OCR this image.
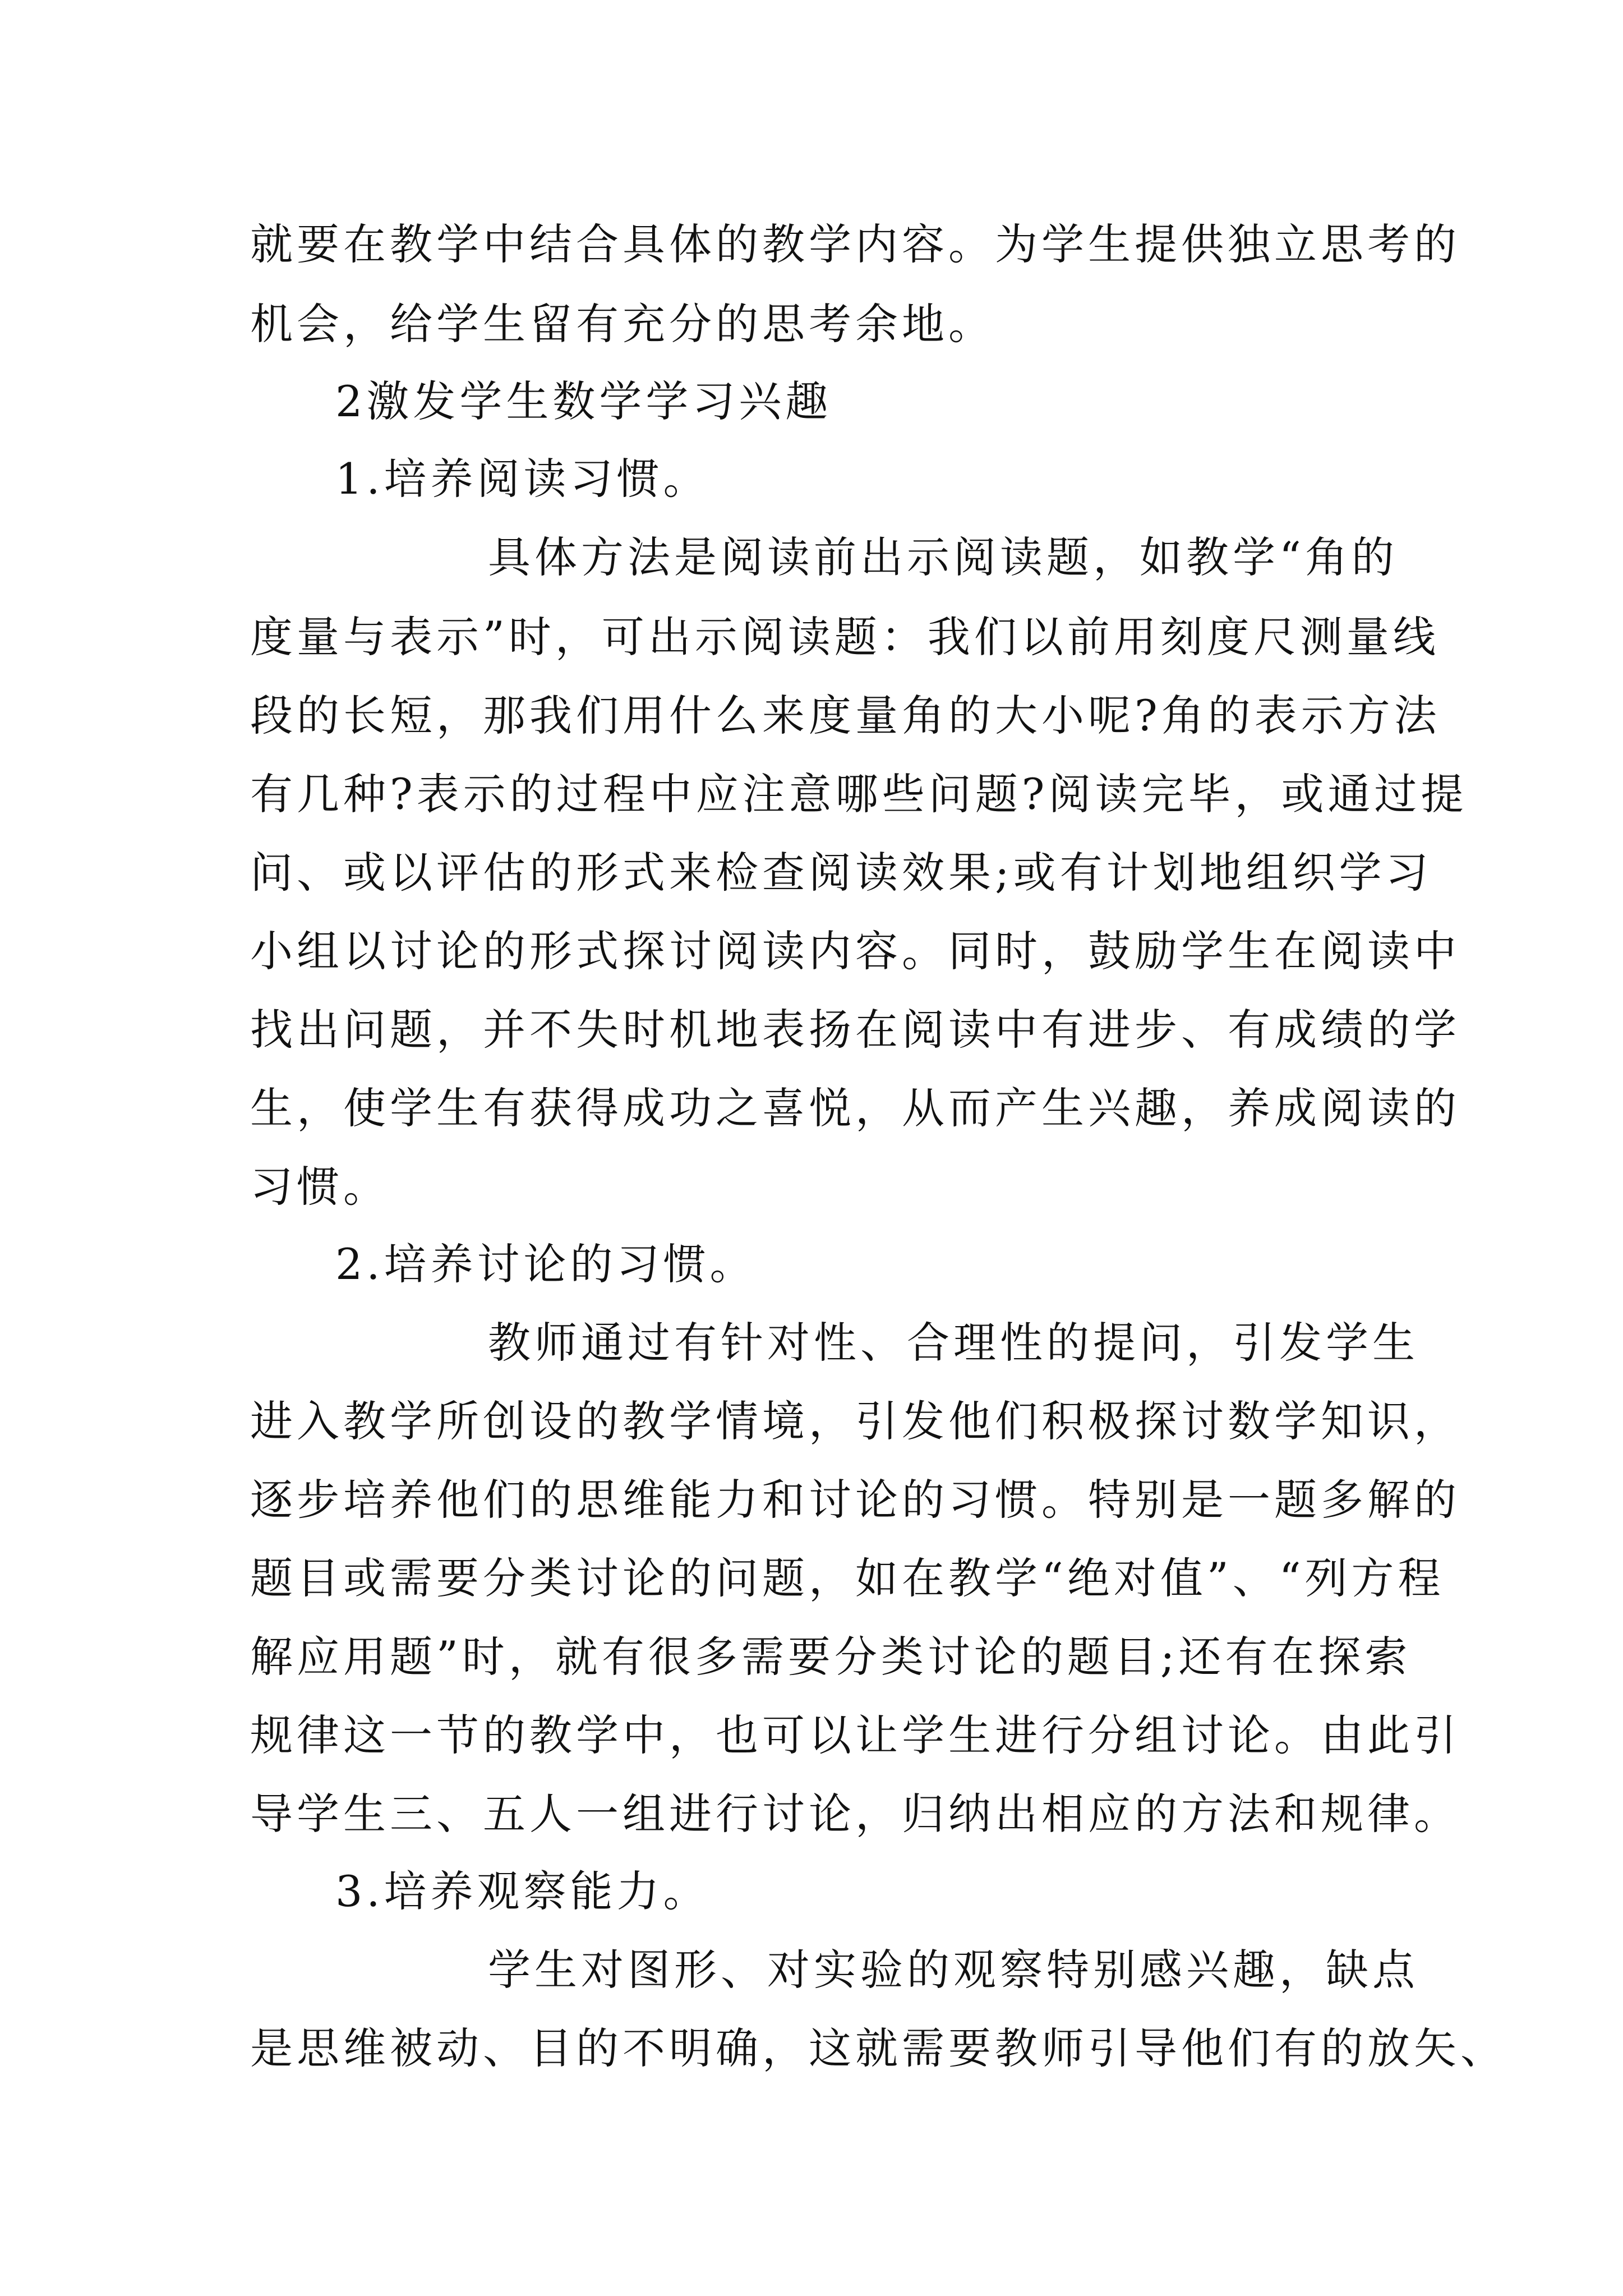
就要在教学中结合具体的教学内容。为学生提供独立思考的
机会，给学生留有充分的思考余地。
2激发学生数学学习兴趣
1.培养阅读习惯。
具体方法是阅读前出示阅读题，如教学“角的
度量与表示”时，可出示阅读题：我们以前用刻度尺测量线
段的长短，那我们用什么来度量角的大小呢?角的表示方法
有几种?表示的过程中应注意哪些问题?阅读完毕，或通过提
问、或以评估的形式来检查阅读效果;或有计划地组织学习
小组以讨论的形式探讨阅读内容。同时，鼓励学生在阅读中
找出问题，并不失时机地表扬在阅读中有进步、有成绩的学
生，使学生有获得成功之喜悦，从而产生兴趣，养成阅读的
习惯。
2.培养讨论的习惯。
教师通过有针对性、合理性的提问，引发学生
进入教学所创设的教学情境，引发他们积极探讨数学知识，
逐步培养他们的思维能力和讨论的习惯。特别是一题多解的
题目或需要分类讨论的问题，如在教学“绝对值”、“列方程
解应用题”时，就有很多需要分类讨论的题目;还有在探索
规律这一节的教学中，也可以让学生进行分组讨论。由此引
导学生三、五人一组进行讨论，归纳出相应的方法和规律。
3.培养观察能力。
学生对图形、对实验的观察特别感兴趣，缺点
是思维被动、目的不明确，这就需要教师引导他们有的放矢、
